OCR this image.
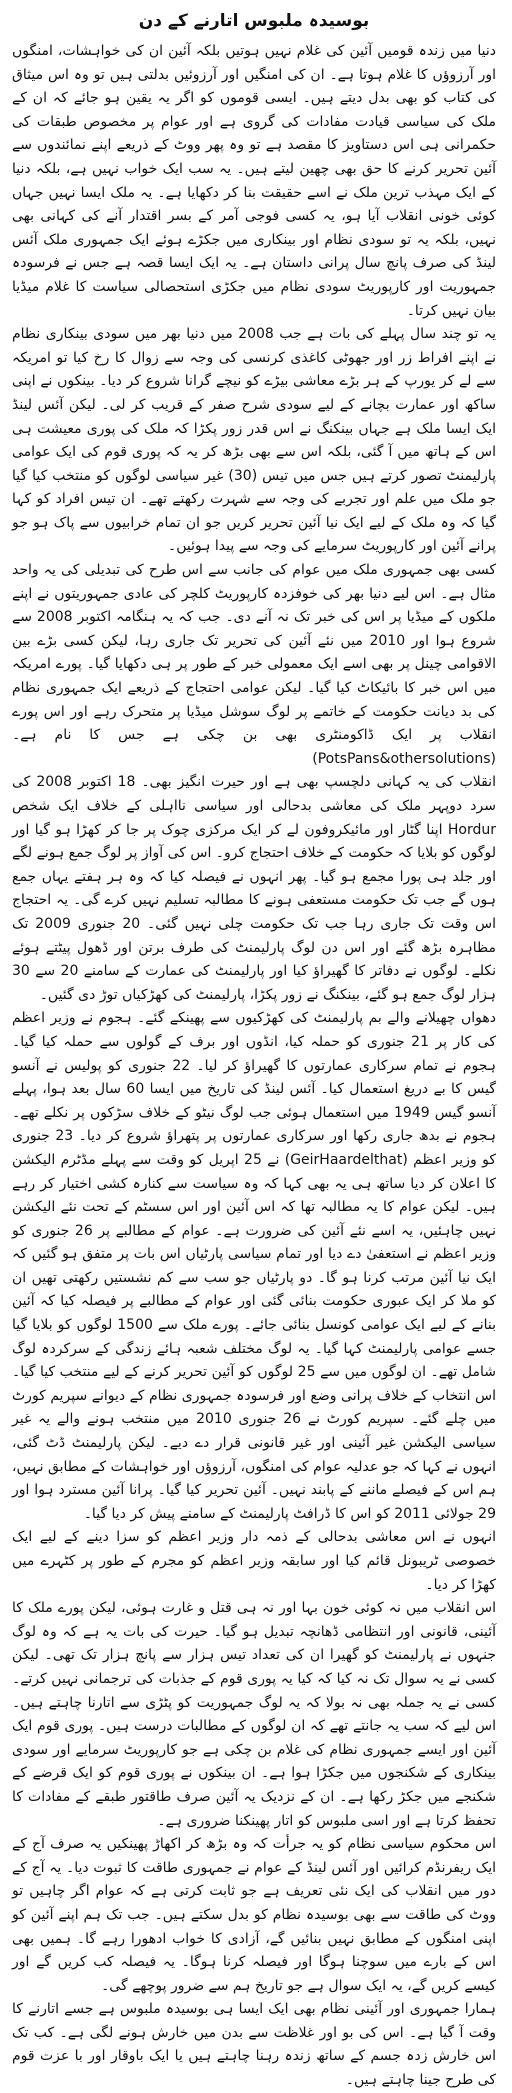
بوسیدہ ملبوس اتارنے کے دن

دنیا میں زندہ قومیں آئین کی غلام نہیں ہوتیں بلکہ آئین ان کی خواہشات، امنگوں اور آرزوؤں کا غلام ہوتا ہے۔ ان کی امنگیں اور آرزوئیں بدلتی ہیں تو وہ اس میثاق کی کتاب کو بھی بدل دیتے ہیں۔ ایسی قوموں کو اگر یہ یقین ہو جائے کہ ان کے ملک کی سیاسی قیادت مفادات کی گروی ہے اور عوام پر مخصوص طبقات کی حکمرانی ہی اس دستاویز کا مقصد ہے تو وہ پھر ووٹ کے ذریعے اپنے نمائندوں سے آئین تحریر کرنے کا حق بھی چھین لیتے ہیں۔ یہ سب ایک خواب نہیں ہے، بلکہ دنیا کے ایک مہذب ترین ملک نے اسے حقیقت بنا کر دکھایا ہے۔ یہ ملک ایسا نہیں جہاں کوئی خونی انقلاب آیا ہو، یہ کسی فوجی آمر کے بسر اقتدار آنے کی کہانی بھی نہیں، بلکہ یہ تو سودی نظام اور بینکاری میں جکڑے ہوئے ایک جمہوری ملک آئس لینڈ کی صرف پانچ سال پرانی داستان ہے۔ یہ ایک ایسا قصہ ہے جس نے فرسودہ جمہوریت اور کارپوریٹ سودی نظام میں جکڑی استحصالی سیاست کا غلام میڈیا بیان نہیں کرتا۔

یہ تو چند سال پہلے کی بات ہے جب 2008 میں دنیا بھر میں سودی بینکاری نظام نے اپنے افراط زر اور جھوٹی کاغذی کرنسی کی وجہ سے زوال کا رخ کیا تو امریکہ سے لے کر یورپ کے ہر بڑے معاشی بیڑے کو نیچے گرانا شروع کر دیا۔ بینکوں نے اپنی ساکھ اور عمارت بچانے کے لیے سودی شرح صفر کے قریب کر لی۔ لیکن آئس لینڈ ایک ایسا ملک ہے جہاں بینکنگ نے اس قدر زور پکڑا کہ ملک کی پوری معیشت ہی اس کے ہاتھ میں آ گئی، بلکہ اس سے بھی بڑھ کر یہ کہ پوری قوم کی ایک عوامی پارلیمنٹ تصور کرتے ہیں جس میں تیس (30) غیر سیاسی لوگوں کو منتخب کیا گیا جو ملک میں علم اور تجربے کی وجہ سے شہرت رکھتے تھے۔ ان تیس افراد کو کہا گیا کہ وہ ملک کے لیے ایک نیا آئین تحریر کریں جو ان تمام خرابیوں سے پاک ہو جو پرانے آئین اور کارپوریٹ سرمایے کی وجہ سے پیدا ہوئیں۔

کسی بھی جمہوری ملک میں عوام کی جانب سے اس طرح کی تبدیلی کی یہ واحد مثال ہے۔ اس لیے دنیا بھر کی خوفزدہ کارپوریٹ کلچر کی عادی جمہوریتوں نے اپنے ملکوں کے میڈیا پر اس کی خبر تک نہ آنے دی۔ جب کہ یہ ہنگامہ اکتوبر 2008 سے شروع ہوا اور 2010 میں نئے آئین کی تحریر تک جاری رہا، لیکن کسی بڑے بین الاقوامی چینل پر بھی اسے ایک معمولی خبر کے طور پر ہی دکھایا گیا۔ پورے امریکہ میں اس خبر کا بائیکاٹ کیا گیا۔ لیکن عوامی احتجاج کے ذریعے ایک جمہوری نظام کی بد دیانت حکومت کے خاتمے پر لوگ سوشل میڈیا پر متحرک رہے اور اس پورے انقلاب پر ایک ڈاکومنٹری بھی بن چکی ہے جس کا نام ہے۔ (PotsPans&othersolutions)

انقلاب کی یہ کہانی دلچسپ بھی ہے اور حیرت انگیز بھی۔ 18 اکتوبر 2008 کی سرد دوپہر ملک کی معاشی بدحالی اور سیاسی نااہلی کے خلاف ایک شخص Hordur اپنا گٹار اور مائیکروفون لے کر ایک مرکزی چوک پر جا کر کھڑا ہو گیا اور لوگوں کو بلایا کہ حکومت کے خلاف احتجاج کرو۔ اس کی آواز پر لوگ جمع ہونے لگے اور جلد ہی پورا مجمع ہو گیا۔ پھر انہوں نے فیصلہ کیا کہ وہ ہر ہفتے یہاں جمع ہوں گے جب تک حکومت مستعفی ہونے کا مطالبہ تسلیم نہیں کرے گی۔ یہ احتجاج اس وقت تک جاری رہا جب تک حکومت چلی نہیں گئی۔ 20 جنوری 2009 تک مظاہرہ بڑھ گئے اور اس دن لوگ پارلیمنٹ کی طرف برتن اور ڈھول پیٹتے ہوئے نکلے۔ لوگوں نے دفاتر کا گھیراؤ کیا اور پارلیمنٹ کی عمارت کے سامنے 20 سے 30 ہزار لوگ جمع ہو گئے، بینکنگ نے زور پکڑا، پارلیمنٹ کی کھڑکیاں توڑ دی گئیں۔

دھواں چھیلانے والے بم پارلیمنٹ کی کھڑکیوں سے پھینکے گئے۔ ہجوم نے وزیر اعظم کی کار پر 21 جنوری کو حملہ کیا، انڈوں اور برف کے گولوں سے حملہ کیا گیا۔ ہجوم نے تمام سرکاری عمارتوں کا گھیراؤ کر لیا۔ 22 جنوری کو پولیس نے آنسو گیس کا بے دریغ استعمال کیا۔ آئس لینڈ کی تاریخ میں ایسا 60 سال بعد ہوا، پہلے آنسو گیس 1949 میں استعمال ہوئی جب لوگ نیٹو کے خلاف سڑکوں پر نکلے تھے۔ ہجوم نے بدھ جاری رکھا اور سرکاری عمارتوں پر پتھراؤ شروع کر دیا۔ 23 جنوری کو وزیر اعظم (GeirHaardelthat) نے 25 اپریل کو وقت سے پہلے مڈٹرم الیکشن کا اعلان کر دیا ساتھ ہی یہ بھی کہا کہ وہ سیاست سے کنارہ کشی اختیار کر رہے ہیں۔ لیکن عوام کا یہ مطالبہ تھا کہ اس آئین اور اس سسٹم کے تحت نئے الیکشن نہیں چاہئیں، یہ اسے نئے آئین کی ضرورت ہے۔ عوام کے مطالبے پر 26 جنوری کو وزیر اعظم نے استعفیٰ دے دیا اور تمام سیاسی پارٹیاں اس بات پر متفق ہو گئیں کہ ایک نیا آئین مرتب کرنا ہو گا۔ دو پارٹیاں جو سب سے کم نشستیں رکھتی تھیں ان کو ملا کر ایک عبوری حکومت بنائی گئی اور عوام کے مطالبے پر فیصلہ کیا کہ آئین بنانے کے لیے ایک عوامی کونسل بنائی جائے۔ پورے ملک سے 1500 لوگوں کو بلایا گیا جسے عوامی پارلیمنٹ کہا گیا۔ یہ لوگ مختلف شعبہ ہائے زندگی کے سرکردہ لوگ شامل تھے۔ ان لوگوں میں سے 25 لوگوں کو آئین تحریر کرنے کے لیے منتخب کیا گیا۔ اس انتخاب کے خلاف پرانی وضع اور فرسودہ جمہوری نظام کے دیوانے سپریم کورٹ میں چلے گئے۔ سپریم کورٹ نے 26 جنوری 2010 میں منتخب ہونے والے یہ غیر سیاسی الیکشن غیر آئینی اور غیر قانونی قرار دے دیے۔ لیکن پارلیمنٹ ڈٹ گئی، انہوں نے کہا کہ جو عدلیہ عوام کی امنگوں، آرزوؤں اور خواہشات کے مطابق نہیں، ہم اس کے فیصلے ماننے کے پابند نہیں۔ آئین تحریر کیا گیا۔ پرانا آئین مسترد ہوا اور 29 جولائی 2011 کو اس کا ڈرافٹ پارلیمنٹ کے سامنے پیش کر دیا گیا۔

انہوں نے اس معاشی بدحالی کے ذمہ دار وزیر اعظم کو سزا دینے کے لیے ایک خصوصی ٹریبونل قائم کیا اور سابقہ وزیر اعظم کو مجرم کے طور پر کٹہرے میں کھڑا کر دیا۔

اس انقلاب میں نہ کوئی خون بہا اور نہ ہی قتل و غارت ہوئی، لیکن پورے ملک کا آئینی، قانونی اور انتظامی ڈھانچہ تبدیل ہو گیا۔ حیرت کی بات یہ ہے کہ وہ لوگ جنہوں نے پارلیمنٹ کو گھیرا ان کی تعداد تیس ہزار سے پانچ ہزار تک تھی۔ لیکن کسی نے یہ سوال تک نہ کیا کہ کیا یہ پوری قوم کے جذبات کی ترجمانی نہیں کرتے۔ کسی نے یہ جملہ بھی نہ بولا کہ یہ لوگ جمہوریت کو پٹڑی سے اتارنا چاہتے ہیں۔ اس لیے کہ سب یہ جانتے تھے کہ ان لوگوں کے مطالبات درست ہیں۔ پوری قوم ایک آئین اور ایسے جمہوری نظام کی غلام بن چکی ہے جو کارپوریٹ سرمایے اور سودی بینکاری کے شکنجوں میں جکڑا ہوا ہے۔ ان بینکوں نے پوری قوم کو ایک قرضے کے شکنجے میں جکڑ رکھا ہے۔ ان کے نزدیک یہ آئین صرف طاقتور طبقے کے مفادات کا تحفظ کرتا ہے اور اسی ملبوس کو اتار پھینکنا ضروری ہے۔

اس محکوم سیاسی نظام کو یہ جرأت کہ وہ بڑھ کر اکھاڑ پھینکیں یہ صرف آج کے ایک ریفرنڈم کرائیں اور آئس لینڈ کے عوام نے جمہوری طاقت کا ثبوت دیا۔ یہ آج کے دور میں انقلاب کی ایک نئی تعریف ہے جو ثابت کرتی ہے کہ عوام اگر چاہیں تو ووٹ کی طاقت سے بھی بوسیدہ نظام کو بدل سکتے ہیں۔ جب تک ہم اپنے آئین کو اپنی امنگوں کے مطابق نہیں بنائیں گے، آزادی کا خواب ادھورا رہے گا۔ ہمیں بھی اس کے بارے میں سوچنا ہوگا اور فیصلہ کرنا ہوگا۔ یہ فیصلہ کب کریں گے اور کیسے کریں گے، یہ ایک سوال ہے جو تاریخ ہم سے ضرور پوچھے گی۔

ہمارا جمہوری اور آئینی نظام بھی ایک ایسا ہی بوسیدہ ملبوس ہے جسے اتارنے کا وقت آ گیا ہے۔ اس کی بو اور غلاظت سے بدن میں خارش ہونے لگی ہے۔ کب تک اس خارش زدہ جسم کے ساتھ زندہ رہنا چاہتے ہیں یا ایک باوقار اور با عزت قوم کی طرح جینا چاہتے ہیں۔
